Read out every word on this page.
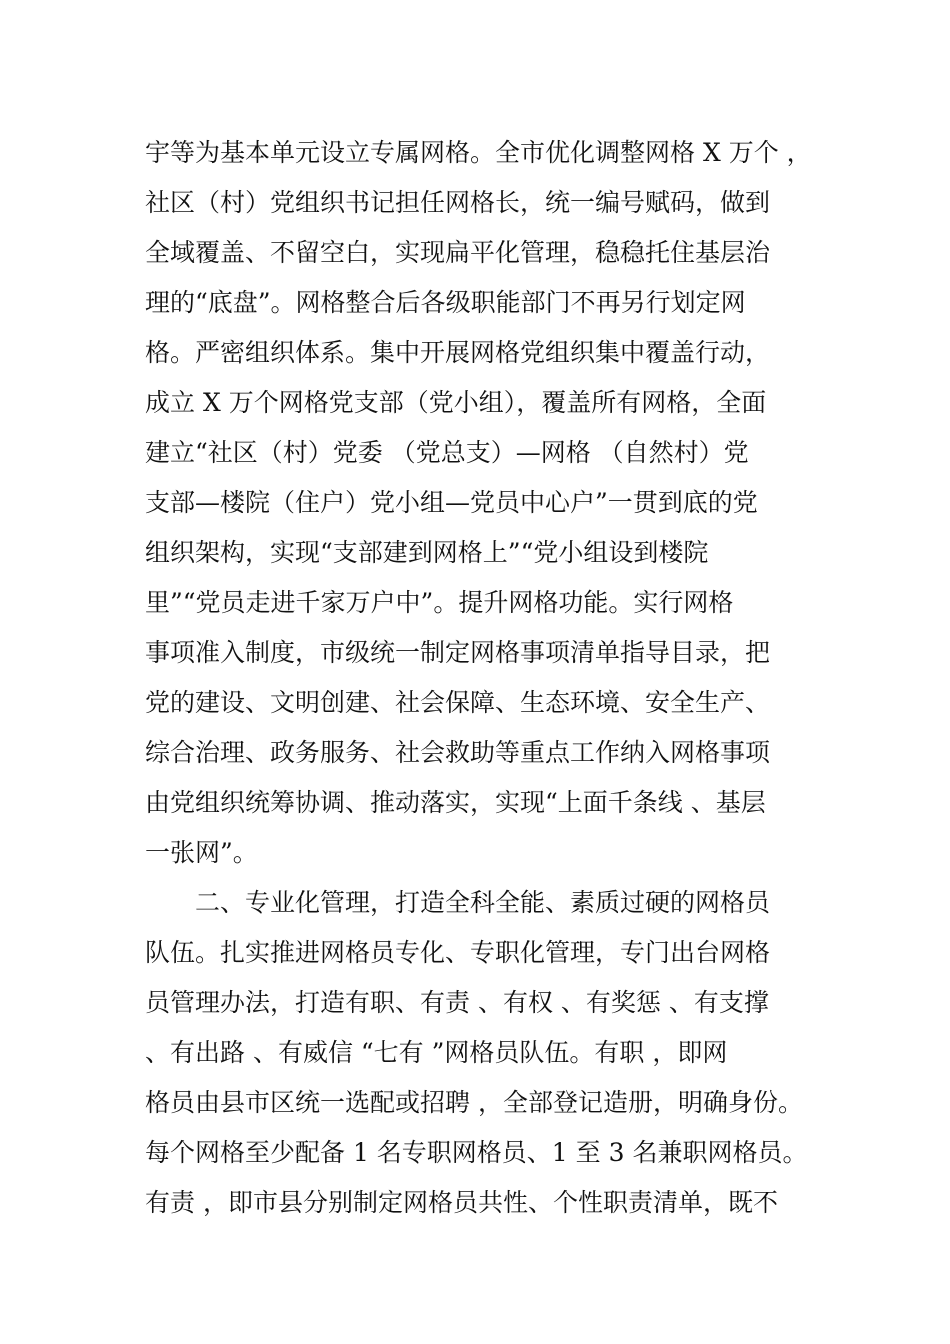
宇等为基本单元设立专属网格。全市优化调整网格 X 万个 ，
社区（村）党组织书记担任网格长，统一编号赋码，做到
全域覆盖、不留空白，实现扁平化管理，稳稳托住基层治
理的“底盘”。网格整合后各级职能部门不再另行划定网
格。严密组织体系。集中开展网格党组织集中覆盖行动，
成立 X 万个网格党支部（党小组），覆盖所有网格，全面
建立“社区（村）党委 （党总支）—网格 （自然村）党
支部—楼院（住户）党小组—党员中心户”一贯到底的党
组织架构，实现“支部建到网格上”“党小组设到楼院
里”“党员走进千家万户中”。提升网格功能。实行网格
事项准入制度，市级统一制定网格事项清单指导目录，把
党的建设、文明创建、社会保障、生态环境、安全生产、
综合治理、政务服务、社会救助等重点工作纳入网格事项
由党组织统筹协调、推动落实，实现“上面千条线 、基层
一张网”。
二、专业化管理，打造全科全能、素质过硬的网格员
队伍。扎实推进网格员专化、专职化管理，专门出台网格
员管理办法，打造有职、有责 、有权 、有奖惩 、有支撑
、有出路 、有威信 “七有 ”网格员队伍。有职 ，即网
格员由县市区统一选配或招聘 ，全部登记造册，明确身份。
每个网格至少配备 1 名专职网格员、1 至 3 名兼职网格员。
有责 ，即市县分别制定网格员共性、个性职责清单，既不
